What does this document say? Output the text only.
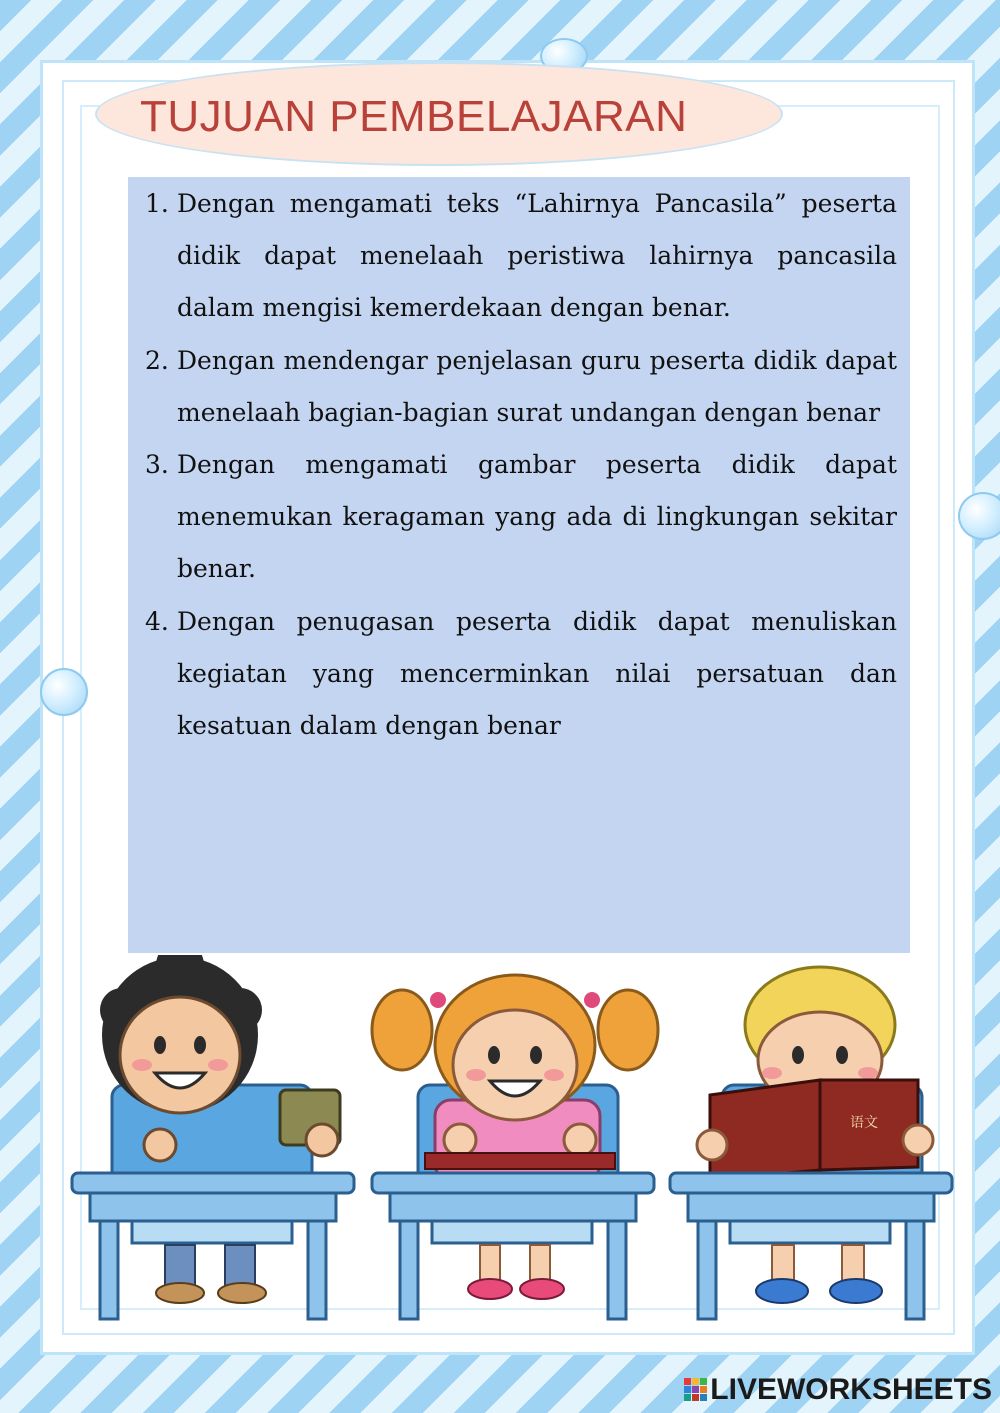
TUJUAN PEMBELAJARAN
1. Dengan mengamati teks “Lahirnya Pancasila” peserta didik dapat menelaah peristiwa lahirnya pancasila dalam mengisi kemerdekaan dengan benar.
2. Dengan mendengar penjelasan guru peserta didik dapat menelaah bagian-bagian surat undangan dengan benar
3. Dengan mengamati gambar peserta didik dapat menemukan keragaman yang ada di lingkungan sekitar benar.
4. Dengan penugasan peserta didik dapat menuliskan kegiatan yang mencerminkan nilai persatuan dan kesatuan dalam dengan benar
语文
LIVEWORKSHEETS
